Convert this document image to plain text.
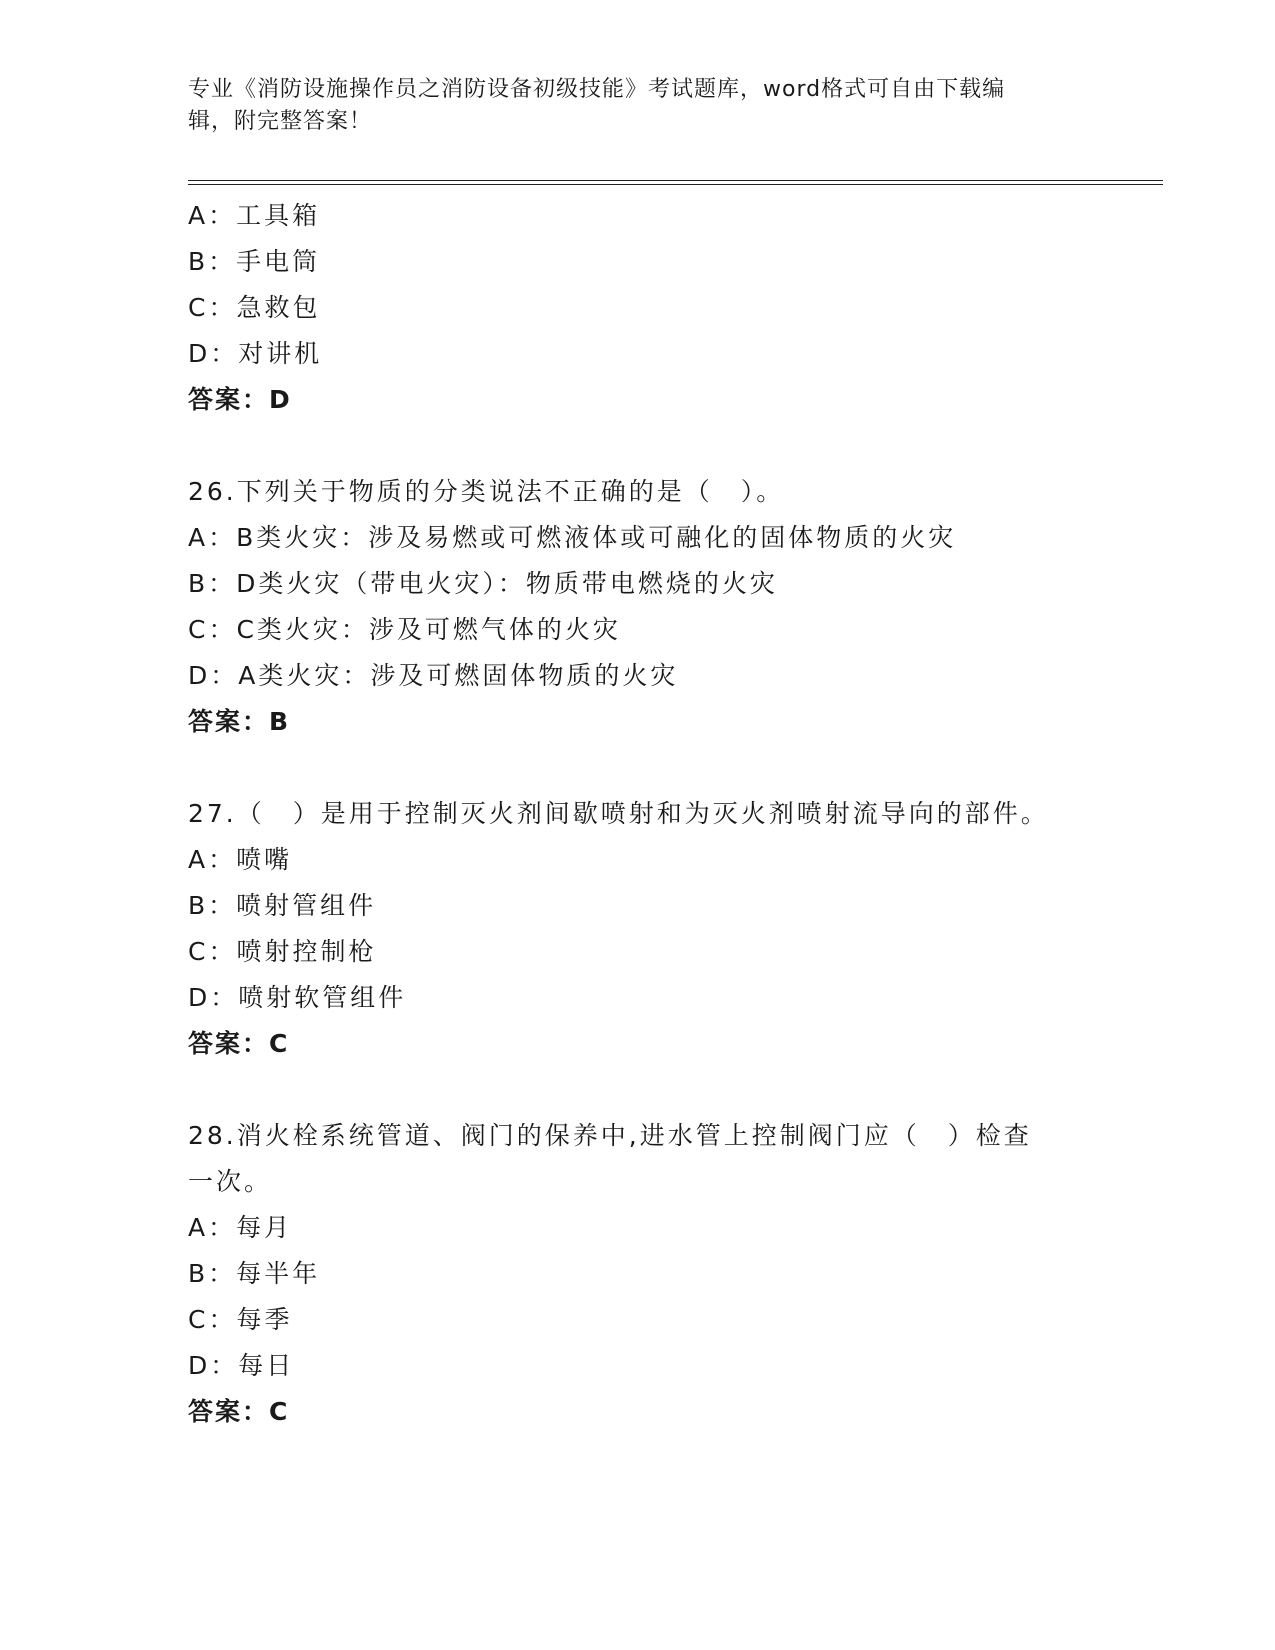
专业《消防设施操作员之消防设备初级技能》考试题库，word格式可自由下载编
辑，附完整答案！
A：工具箱
B：手电筒
C：急救包
D：对讲机
答案：D
26.下列关于物质的分类说法不正确的是（　）。
A：B类火灾：涉及易燃或可燃液体或可融化的固体物质的火灾
B：D类火灾（带电火灾）：物质带电燃烧的火灾
C：C类火灾：涉及可燃气体的火灾
D：A类火灾：涉及可燃固体物质的火灾
答案：B
27.（　）是用于控制灭火剂间歇喷射和为灭火剂喷射流导向的部件。
A：喷嘴
B：喷射管组件
C：喷射控制枪
D：喷射软管组件
答案：C
28.消火栓系统管道、阀门的保养中,进水管上控制阀门应（　）检查
一次。
A：每月
B：每半年
C：每季
D：每日
答案：C
